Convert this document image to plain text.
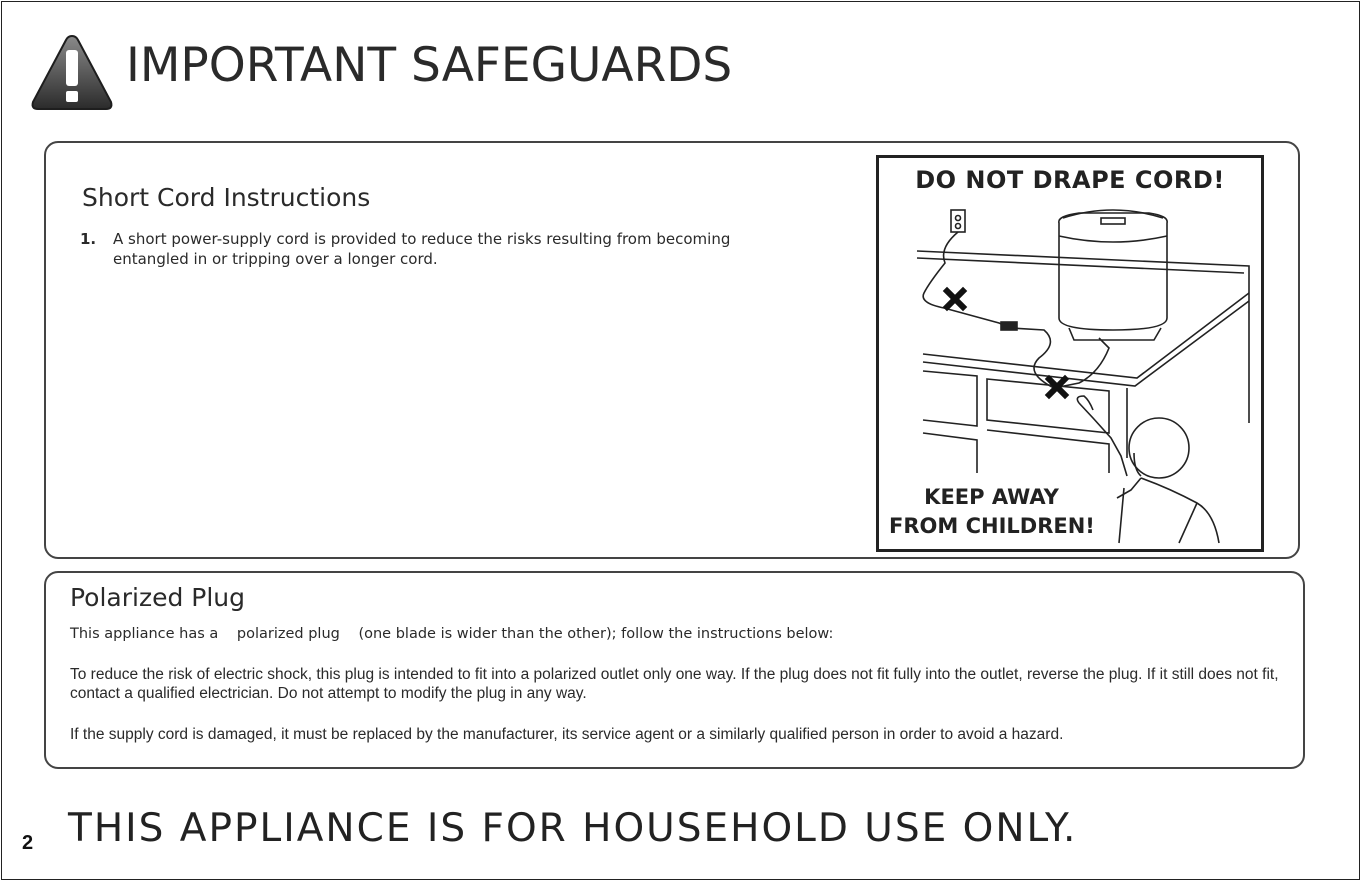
IMPORTANT SAFEGUARDS
Short Cord Instructions
1. A short power-supply cord is provided to reduce the risks resulting from becoming entangled in or tripping over a longer cord.
DO NOT DRAPE CORD!
KEEP AWAY
FROM CHILDREN!
Polarized Plug
This appliance has a polarized plug (one blade is wider than the other); follow the instructions below:
To reduce the risk of electric shock, this plug is intended to fit into a polarized outlet only one way. If the plug does not fit fully into the outlet, reverse the plug. If it still does not fit, contact a qualified electrician. Do not attempt to modify the plug in any way.
If the supply cord is damaged, it must be replaced by the manufacturer, its service agent or a similarly qualified person in order to avoid a hazard.
2 THIS APPLIANCE IS FOR HOUSEHOLD USE ONLY.
